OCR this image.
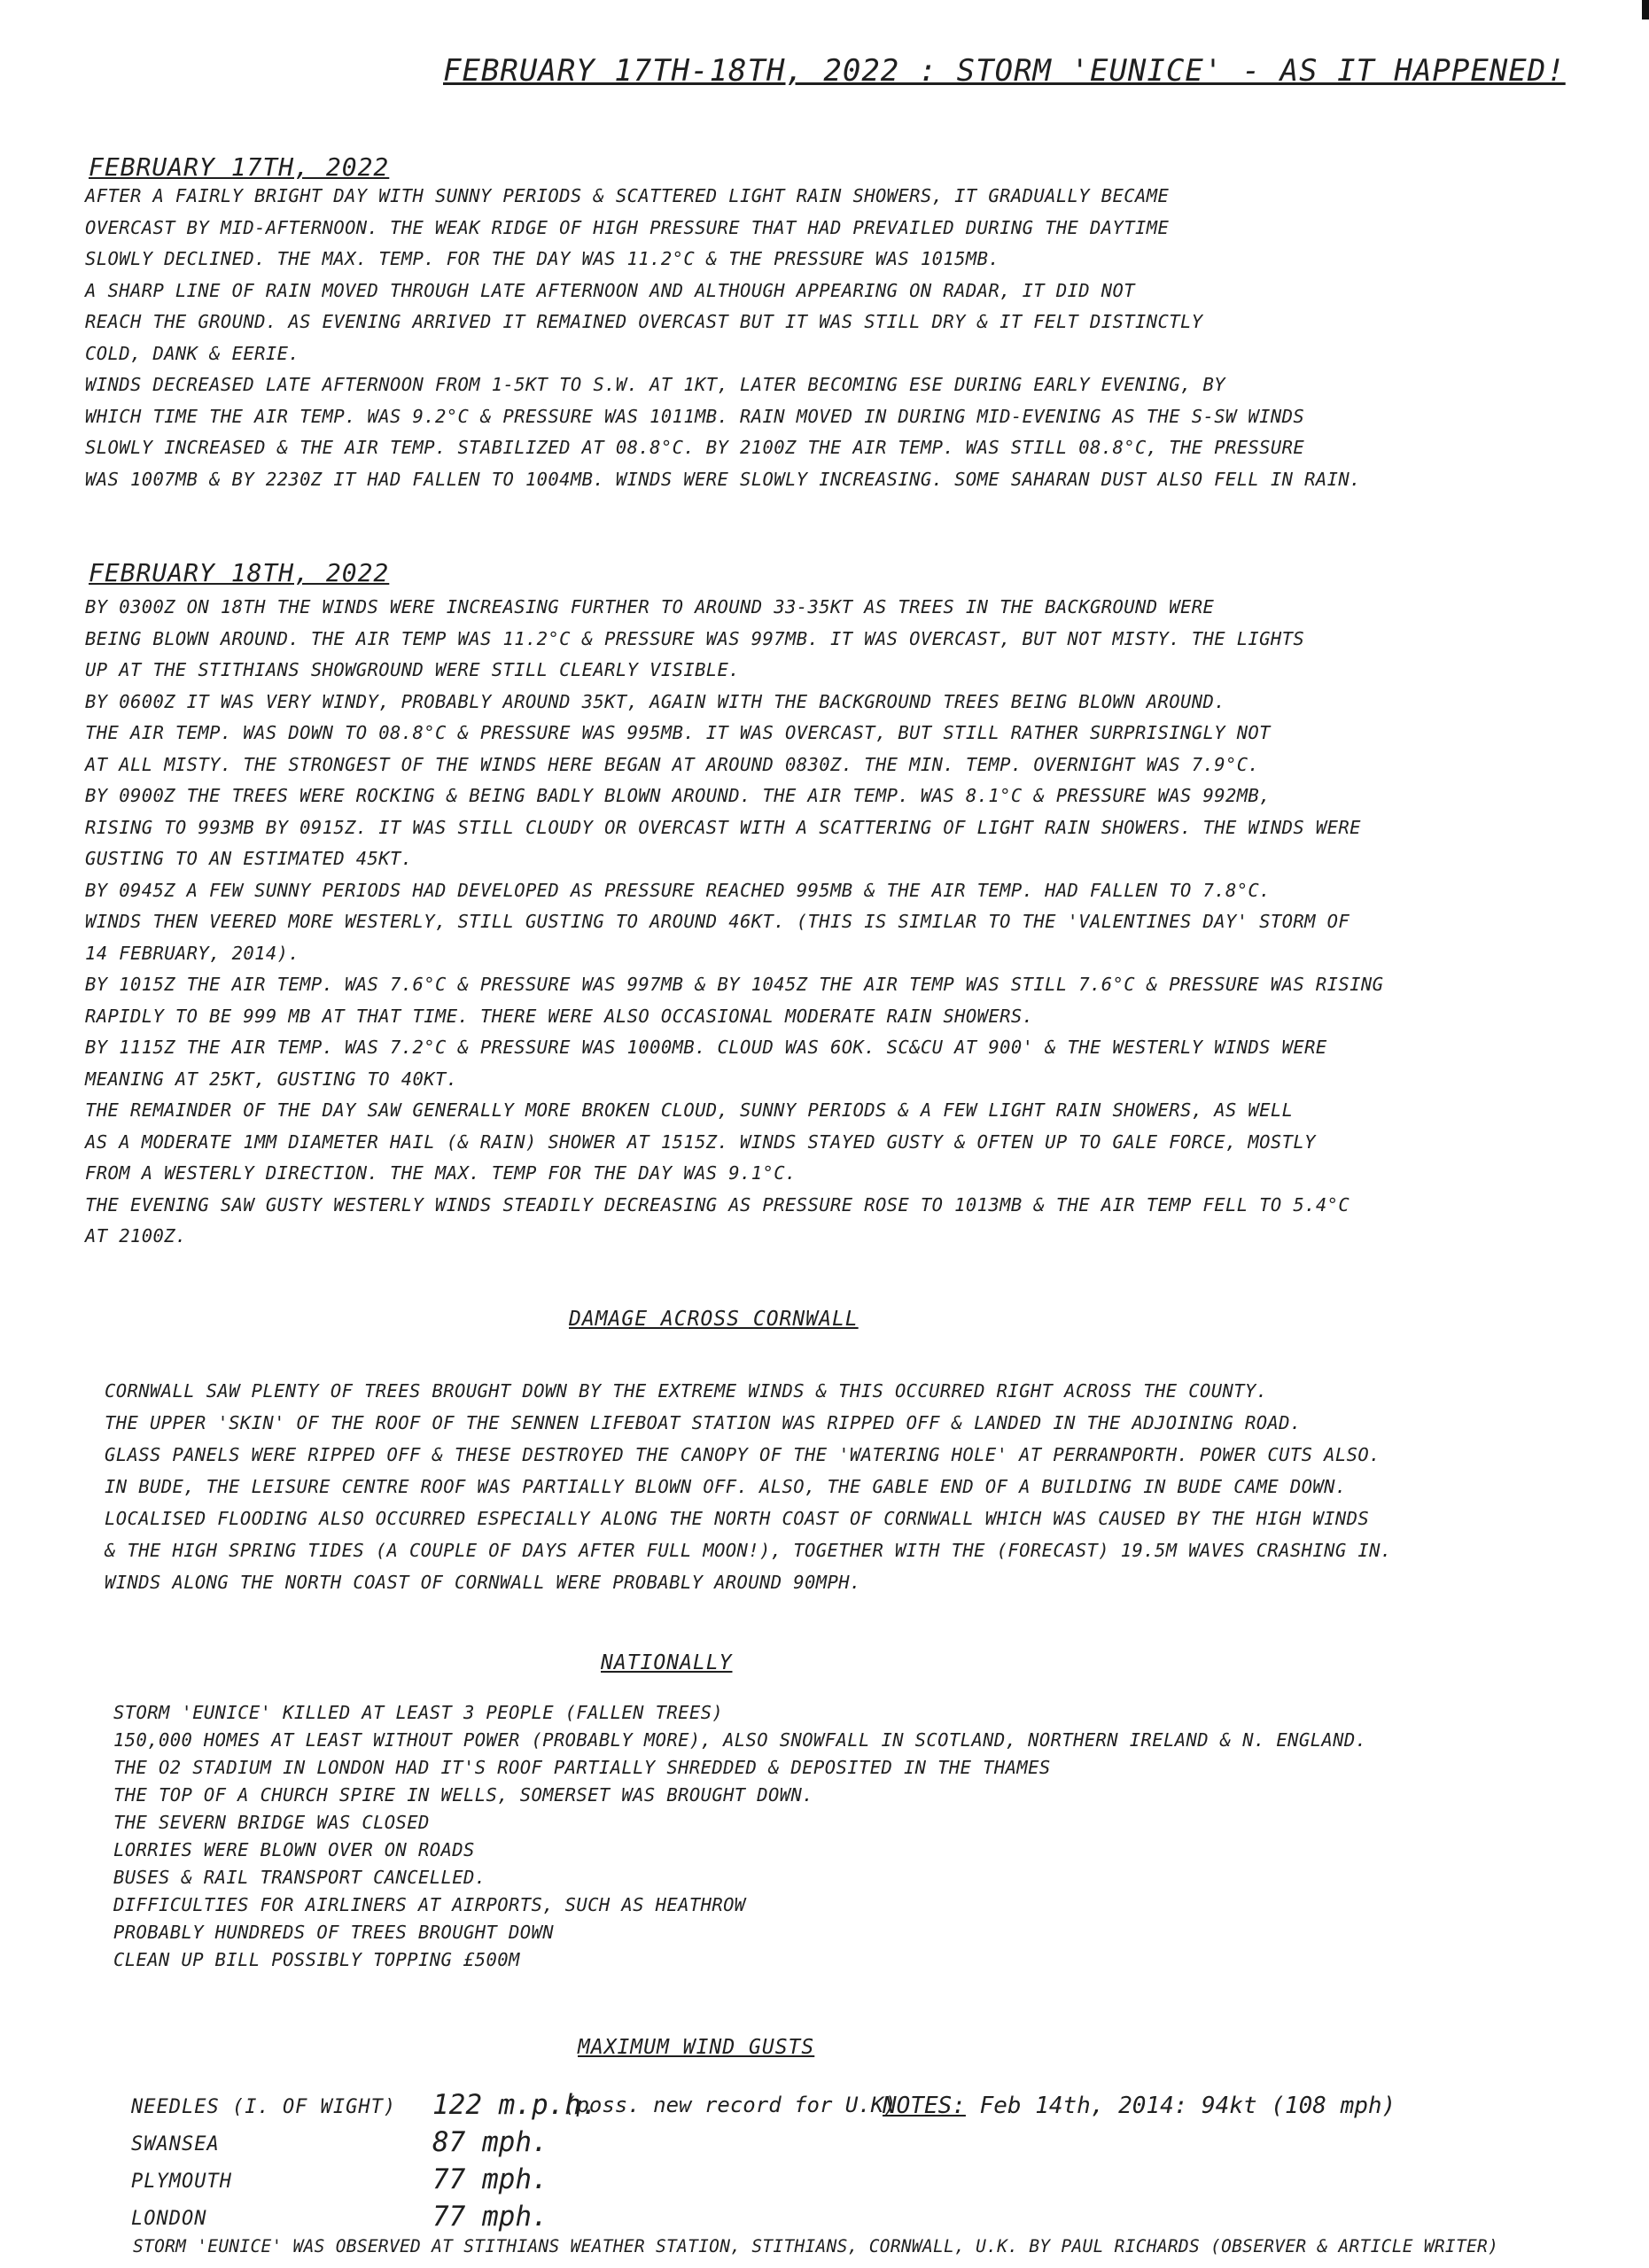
FEBRUARY 17TH-18TH, 2022 : STORM 'EUNICE' - AS IT HAPPENED!
FEBRUARY 17TH, 2022
AFTER A FAIRLY BRIGHT DAY WITH SUNNY PERIODS & SCATTERED LIGHT RAIN SHOWERS, IT GRADUALLY BECAME
OVERCAST BY MID-AFTERNOON. THE WEAK RIDGE OF HIGH PRESSURE THAT HAD PREVAILED DURING THE DAYTIME
SLOWLY DECLINED. THE MAX. TEMP. FOR THE DAY WAS 11.2°C & THE PRESSURE WAS 1015MB.
A SHARP LINE OF RAIN MOVED THROUGH LATE AFTERNOON AND ALTHOUGH APPEARING ON RADAR, IT DID NOT
REACH THE GROUND. AS EVENING ARRIVED IT REMAINED OVERCAST BUT IT WAS STILL DRY & IT FELT DISTINCTLY
COLD, DANK & EERIE.
WINDS DECREASED LATE AFTERNOON FROM 1-5KT TO S.W. AT 1KT, LATER BECOMING ESE DURING EARLY EVENING, BY
WHICH TIME THE AIR TEMP. WAS 9.2°C & PRESSURE WAS 1011MB. RAIN MOVED IN DURING MID-EVENING AS THE S-SW WINDS
SLOWLY INCREASED & THE AIR TEMP. STABILIZED AT 08.8°C. BY 2100Z THE AIR TEMP. WAS STILL 08.8°C, THE PRESSURE
WAS 1007MB & BY 2230Z IT HAD FALLEN TO 1004MB. WINDS WERE SLOWLY INCREASING. SOME SAHARAN DUST ALSO FELL IN RAIN.
FEBRUARY 18TH, 2022
BY 0300Z ON 18TH THE WINDS WERE INCREASING FURTHER TO AROUND 33-35KT AS TREES IN THE BACKGROUND WERE
BEING BLOWN AROUND. THE AIR TEMP WAS 11.2°C & PRESSURE WAS 997MB. IT WAS OVERCAST, BUT NOT MISTY. THE LIGHTS
UP AT THE STITHIANS SHOWGROUND WERE STILL CLEARLY VISIBLE.
BY 0600Z IT WAS VERY WINDY, PROBABLY AROUND 35KT, AGAIN WITH THE BACKGROUND TREES BEING BLOWN AROUND.
THE AIR TEMP. WAS DOWN TO 08.8°C & PRESSURE WAS 995MB. IT WAS OVERCAST, BUT STILL RATHER SURPRISINGLY NOT
AT ALL MISTY. THE STRONGEST OF THE WINDS HERE BEGAN AT AROUND 0830Z. THE MIN. TEMP. OVERNIGHT WAS 7.9°C.
BY 0900Z THE TREES WERE ROCKING & BEING BADLY BLOWN AROUND. THE AIR TEMP. WAS 8.1°C & PRESSURE WAS 992MB,
RISING TO 993MB BY 0915Z. IT WAS STILL CLOUDY OR OVERCAST WITH A SCATTERING OF LIGHT RAIN SHOWERS. THE WINDS WERE
GUSTING TO AN ESTIMATED 45KT.
BY 0945Z A FEW SUNNY PERIODS HAD DEVELOPED AS PRESSURE REACHED 995MB & THE AIR TEMP. HAD FALLEN TO 7.8°C.
WINDS THEN VEERED MORE WESTERLY, STILL GUSTING TO AROUND 46KT. (THIS IS SIMILAR TO THE 'VALENTINES DAY' STORM OF
14 FEBRUARY, 2014).
BY 1015Z THE AIR TEMP. WAS 7.6°C & PRESSURE WAS 997MB & BY 1045Z THE AIR TEMP WAS STILL 7.6°C & PRESSURE WAS RISING
RAPIDLY TO BE 999 MB AT THAT TIME. THERE WERE ALSO OCCASIONAL MODERATE RAIN SHOWERS.
BY 1115Z THE AIR TEMP. WAS 7.2°C & PRESSURE WAS 1000MB. CLOUD WAS 6OK. SC&CU AT 900' & THE WESTERLY WINDS WERE
MEANING AT 25KT, GUSTING TO 40KT.
THE REMAINDER OF THE DAY SAW GENERALLY MORE BROKEN CLOUD, SUNNY PERIODS & A FEW LIGHT RAIN SHOWERS, AS WELL
AS A MODERATE 1MM DIAMETER HAIL (& RAIN) SHOWER AT 1515Z. WINDS STAYED GUSTY & OFTEN UP TO GALE FORCE, MOSTLY
FROM A WESTERLY DIRECTION. THE MAX. TEMP FOR THE DAY WAS 9.1°C.
THE EVENING SAW GUSTY WESTERLY WINDS STEADILY DECREASING AS PRESSURE ROSE TO 1013MB & THE AIR TEMP FELL TO 5.4°C
AT 2100Z.
DAMAGE ACROSS CORNWALL
CORNWALL SAW PLENTY OF TREES BROUGHT DOWN BY THE EXTREME WINDS & THIS OCCURRED RIGHT ACROSS THE COUNTY.
THE UPPER 'SKIN' OF THE ROOF OF THE SENNEN LIFEBOAT STATION WAS RIPPED OFF & LANDED IN THE ADJOINING ROAD.
GLASS PANELS WERE RIPPED OFF & THESE DESTROYED THE CANOPY OF THE 'WATERING HOLE' AT PERRANPORTH. POWER CUTS ALSO.
IN BUDE, THE LEISURE CENTRE ROOF WAS PARTIALLY BLOWN OFF. ALSO, THE GABLE END OF A BUILDING IN BUDE CAME DOWN.
LOCALISED FLOODING ALSO OCCURRED ESPECIALLY ALONG THE NORTH COAST OF CORNWALL WHICH WAS CAUSED BY THE HIGH WINDS
& THE HIGH SPRING TIDES (A COUPLE OF DAYS AFTER FULL MOON!), TOGETHER WITH THE (FORECAST) 19.5M WAVES CRASHING IN.
WINDS ALONG THE NORTH COAST OF CORNWALL WERE PROBABLY AROUND 90MPH.
NATIONALLY
STORM 'EUNICE' KILLED AT LEAST 3 PEOPLE (FALLEN TREES)
150,000 HOMES AT LEAST WITHOUT POWER (PROBABLY MORE), ALSO SNOWFALL IN SCOTLAND, NORTHERN IRELAND & N. ENGLAND.
THE O2 STADIUM IN LONDON HAD IT'S ROOF PARTIALLY SHREDDED & DEPOSITED IN THE THAMES
THE TOP OF A CHURCH SPIRE IN WELLS, SOMERSET WAS BROUGHT DOWN.
THE SEVERN BRIDGE WAS CLOSED
LORRIES WERE BLOWN OVER ON ROADS
BUSES & RAIL TRANSPORT CANCELLED.
DIFFICULTIES FOR AIRLINERS AT AIRPORTS, SUCH AS HEATHROW
PROBABLY HUNDREDS OF TREES BROUGHT DOWN
CLEAN UP BILL POSSIBLY TOPPING £500M
MAXIMUM WIND GUSTS
NEEDLES (I. OF WIGHT) 122 m.p.h.
(poss. new record for U.K)
NOTES: Feb 14th, 2014: 94kt (108 mph)
SWANSEA	87 mph.
PLYMOUTH	77 mph.
LONDON	77 mph.
STORM 'EUNICE' WAS OBSERVED AT STITHIANS WEATHER STATION, STITHIANS, CORNWALL, U.K. BY PAUL RICHARDS (OBSERVER & ARTICLE WRITER)
